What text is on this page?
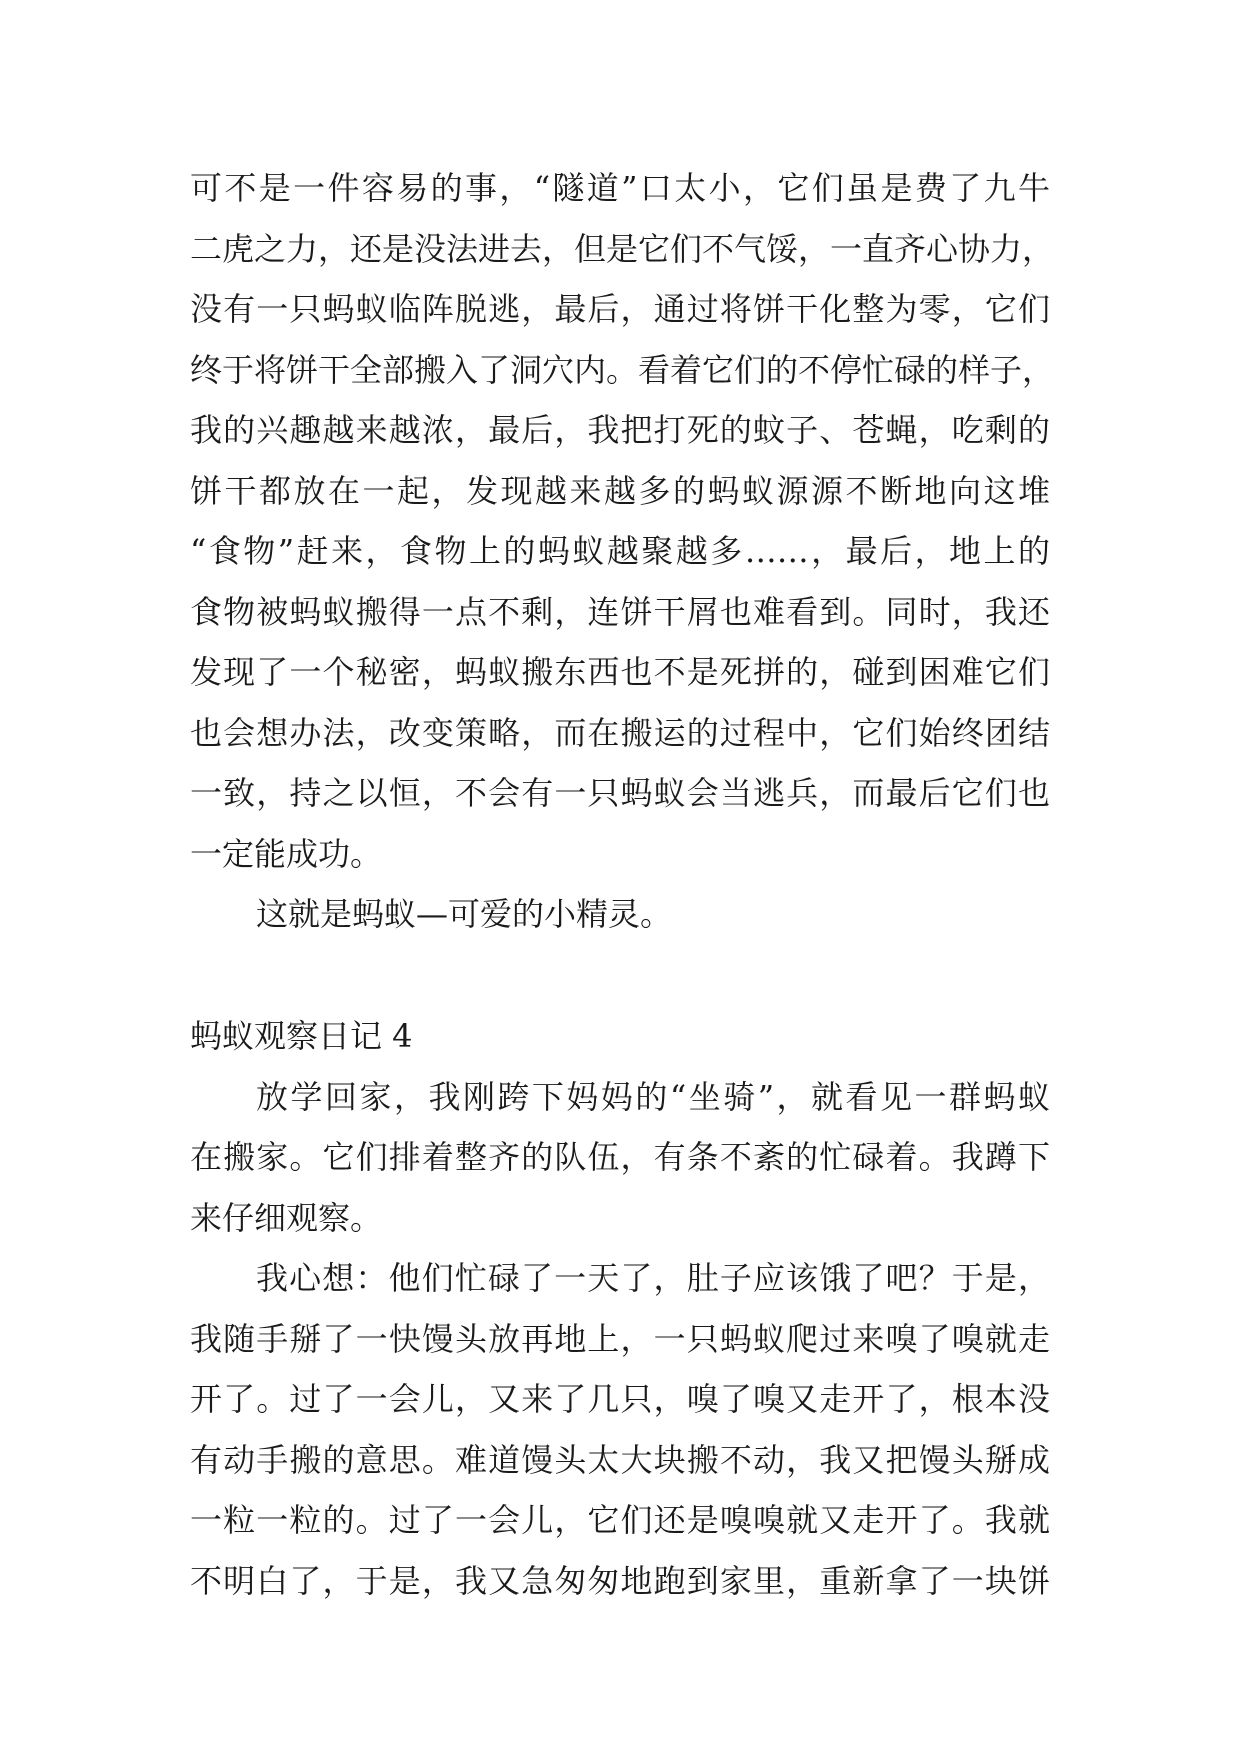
可不是一件容易的事，“隧道”口太小，它们虽是费了九牛
二虎之力，还是没法进去，但是它们不气馁，一直齐心协力，
没有一只蚂蚁临阵脱逃，最后，通过将饼干化整为零，它们
终于将饼干全部搬入了洞穴内。看着它们的不停忙碌的样子，
我的兴趣越来越浓，最后，我把打死的蚊子、苍蝇，吃剩的
饼干都放在一起，发现越来越多的蚂蚁源源不断地向这堆
“食物”赶来，食物上的蚂蚁越聚越多……，最后，地上的
食物被蚂蚁搬得一点不剩，连饼干屑也难看到。同时，我还
发现了一个秘密，蚂蚁搬东西也不是死拼的，碰到困难它们
也会想办法，改变策略，而在搬运的过程中，它们始终团结
一致，持之以恒，不会有一只蚂蚁会当逃兵，而最后它们也
一定能成功。
这就是蚂蚁—可爱的小精灵。
蚂蚁观察日记 4
放学回家，我刚跨下妈妈的“坐骑”，就看见一群蚂蚁
在搬家。它们排着整齐的队伍，有条不紊的忙碌着。我蹲下
来仔细观察。
我心想：他们忙碌了一天了，肚子应该饿了吧？于是，
我随手掰了一快馒头放再地上，一只蚂蚁爬过来嗅了嗅就走
开了。过了一会儿，又来了几只，嗅了嗅又走开了，根本没
有动手搬的意思。难道馒头太大块搬不动，我又把馒头掰成
一粒一粒的。过了一会儿，它们还是嗅嗅就又走开了。我就
不明白了，于是，我又急匆匆地跑到家里，重新拿了一块饼
